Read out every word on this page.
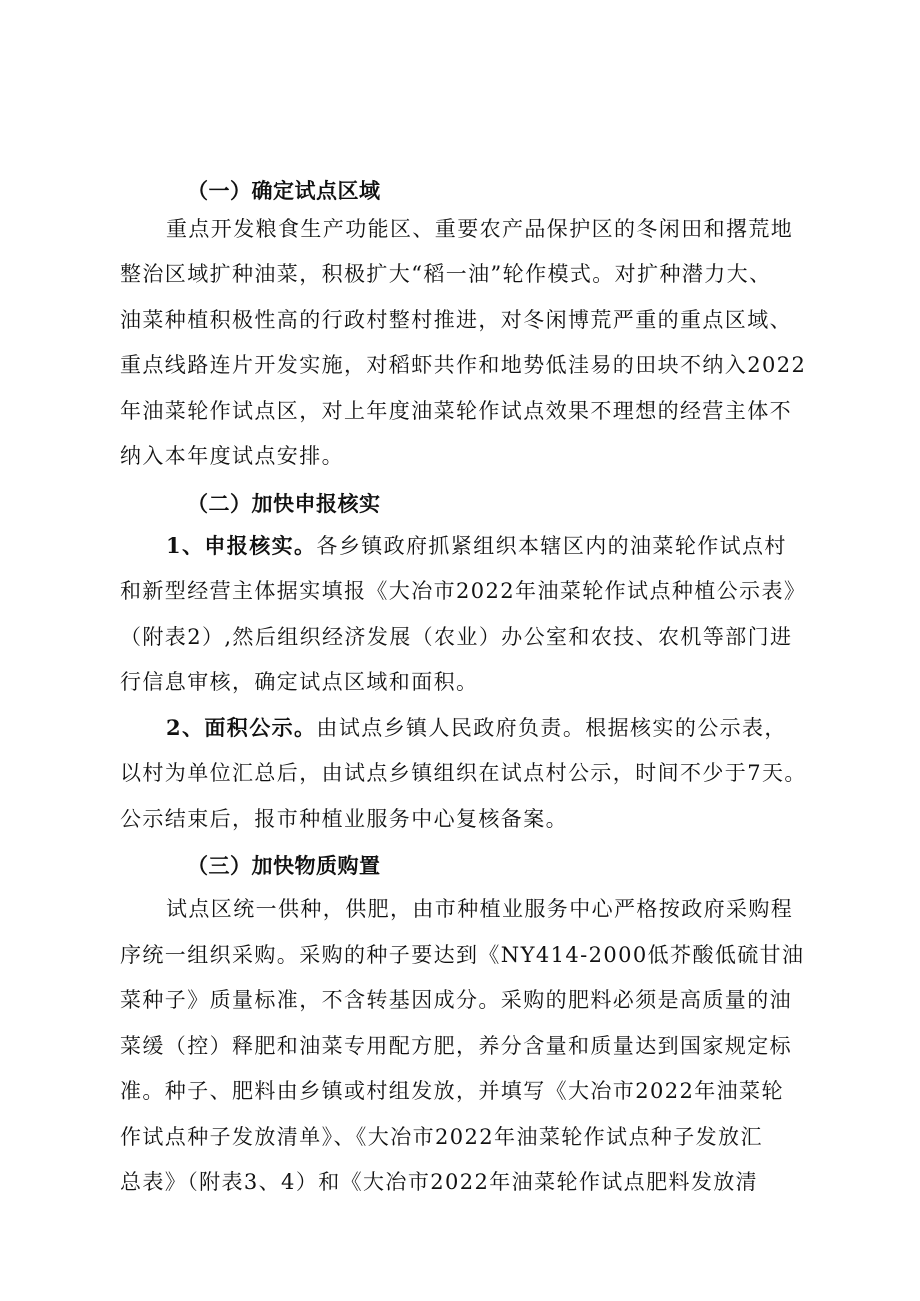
（一）确定试点区域
重点开发粮食生产功能区、重要农产品保护区的冬闲田和撂荒地
整治区域扩种油菜，积极扩大“稻一油”轮作模式。对扩种潜力大、
油菜种植积极性高的行政村整村推进，对冬闲博荒严重的重点区域、
重点线路连片开发实施，对稻虾共作和地势低洼易的田块不纳入2022
年油菜轮作试点区，对上年度油菜轮作试点效果不理想的经营主体不
纳入本年度试点安排。
（二）加快申报核实
1、申报核实。各乡镇政府抓紧组织本辖区内的油菜轮作试点村
和新型经营主体据实填报《大冶市2022年油菜轮作试点种植公示表》
（附表2）,然后组织经济发展（农业）办公室和农技、农机等部门进
行信息审核，确定试点区域和面积。
2、面积公示。由试点乡镇人民政府负责。根据核实的公示表，
以村为单位汇总后，由试点乡镇组织在试点村公示，时间不少于7天。
公示结束后，报市种植业服务中心复核备案。
（三）加快物质购置
试点区统一供种，供肥，由市种植业服务中心严格按政府采购程
序统一组织采购。采购的种子要达到《NY414-2000低芥酸低硫甘油
菜种子》质量标准，不含转基因成分。采购的肥料必须是高质量的油
菜缓（控）释肥和油菜专用配方肥，养分含量和质量达到国家规定标
准。种子、肥料由乡镇或村组发放，并填写《大冶市2022年油菜轮
作试点种子发放清单》、《大冶市2022年油菜轮作试点种子发放汇
总表》（附表3、4）和《大冶市2022年油菜轮作试点肥料发放清
